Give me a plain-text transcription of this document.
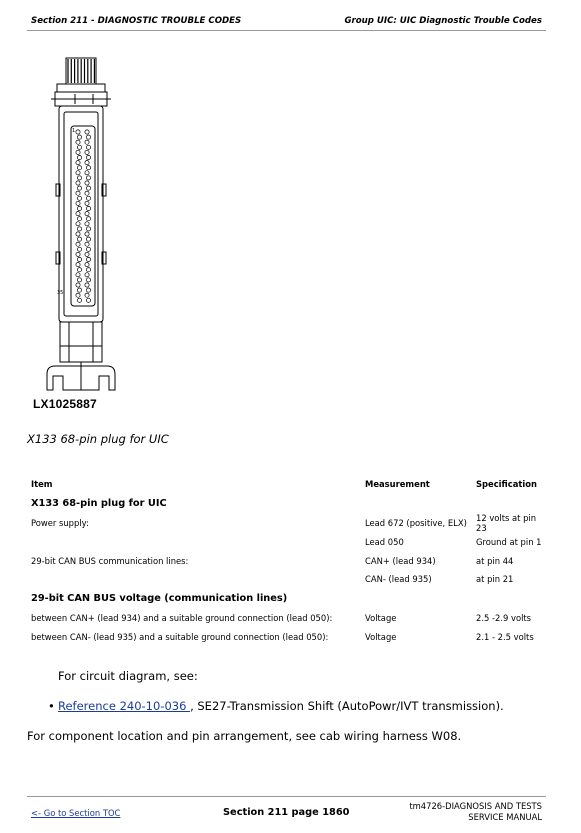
Section 211 - DIAGNOSTIC TROUBLE CODES	Group UIC: UIC Diagnostic Trouble Codes
1
35
LX1025887
X133 68-pin plug for UIC
Item	Measurement	Specification
X133 68-pin plug for UIC		
Power supply:	Lead 672 (positive, ELX)	12 volts at pin 23
	Lead 050	Ground at pin 1
29-bit CAN BUS communication lines:	CAN+ (lead 934)	at pin 44
	CAN- (lead 935)	at pin 21
29-bit CAN BUS voltage (communication lines)		
between CAN+ (lead 934) and a suitable ground connection (lead 050):	Voltage	2.5 -2.9 volts
between CAN- (lead 935) and a suitable ground connection (lead 050):	Voltage	2.1 - 2.5 volts
For circuit diagram, see:
• Reference 240-10-036 , SE27-Transmission Shift (AutoPowr/IVT transmission).
For component location and pin arrangement, see cab wiring harness W08.
<- Go to Section TOC	Section 211 page 1860
tm4726-DIAGNOSIS AND TESTS
SERVICE MANUAL
